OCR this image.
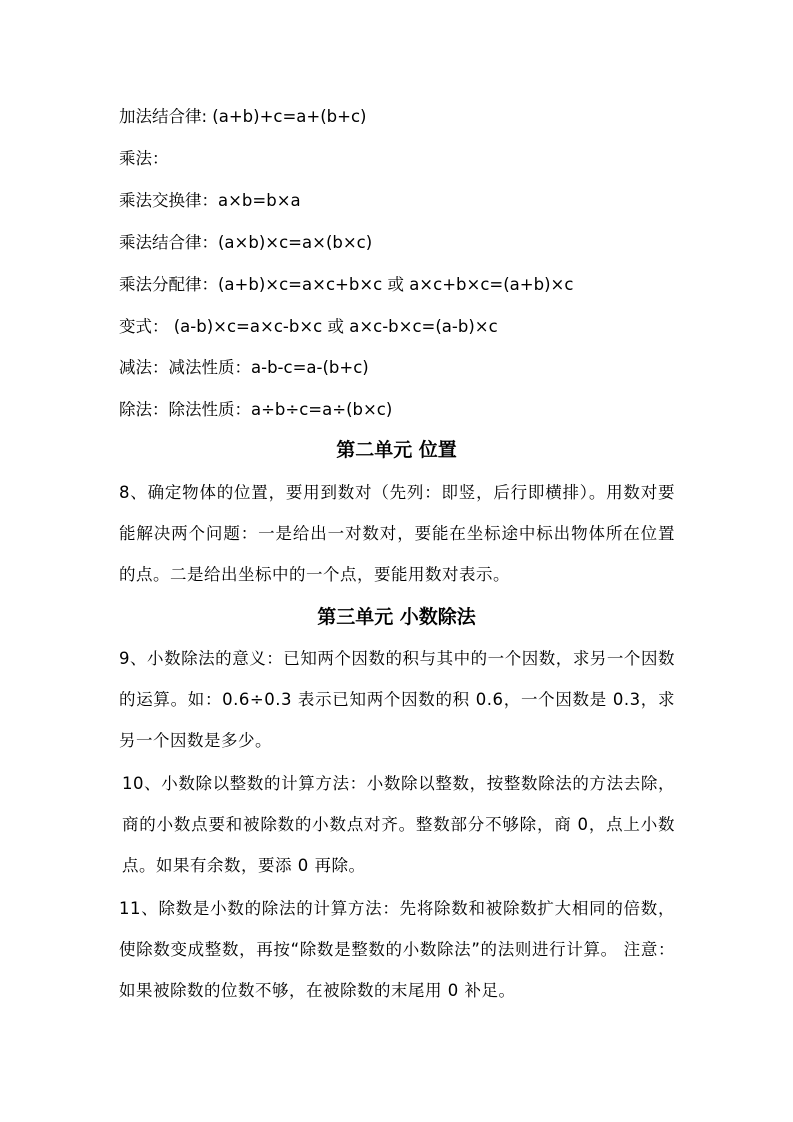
加法结合律: (a+b)+c=a+(b+c)
乘法：
乘法交换律：a×b=b×a
乘法结合律：(a×b)×c=a×(b×c)
乘法分配律：(a+b)×c=a×c+b×c 或 a×c+b×c=(a+b)×c
变式： (a-b)×c=a×c-b×c 或 a×c-b×c=(a-b)×c
减法：减法性质：a-b-c=a-(b+c)
除法：除法性质：a÷b÷c=a÷(b×c)
第二单元 位置
8、确定物体的位置，要用到数对（先列：即竖，后行即横排）。用数对要能解决两个问题：一是给出一对数对，要能在坐标途中标出物体所在位置的点。二是给出坐标中的一个点，要能用数对表示。
第三单元 小数除法
9、小数除法的意义：已知两个因数的积与其中的一个因数，求另一个因数的运算。如：0.6÷0.3 表示已知两个因数的积 0.6，一个因数是 0.3，求另一个因数是多少。
10、小数除以整数的计算方法：小数除以整数，按整数除法的方法去除，商的小数点要和被除数的小数点对齐。整数部分不够除，商 0，点上小数点。如果有余数，要添 0 再除。
11、除数是小数的除法的计算方法：先将除数和被除数扩大相同的倍数，使除数变成整数，再按“除数是整数的小数除法”的法则进行计算。 注意：如果被除数的位数不够，在被除数的末尾用 0 补足。
